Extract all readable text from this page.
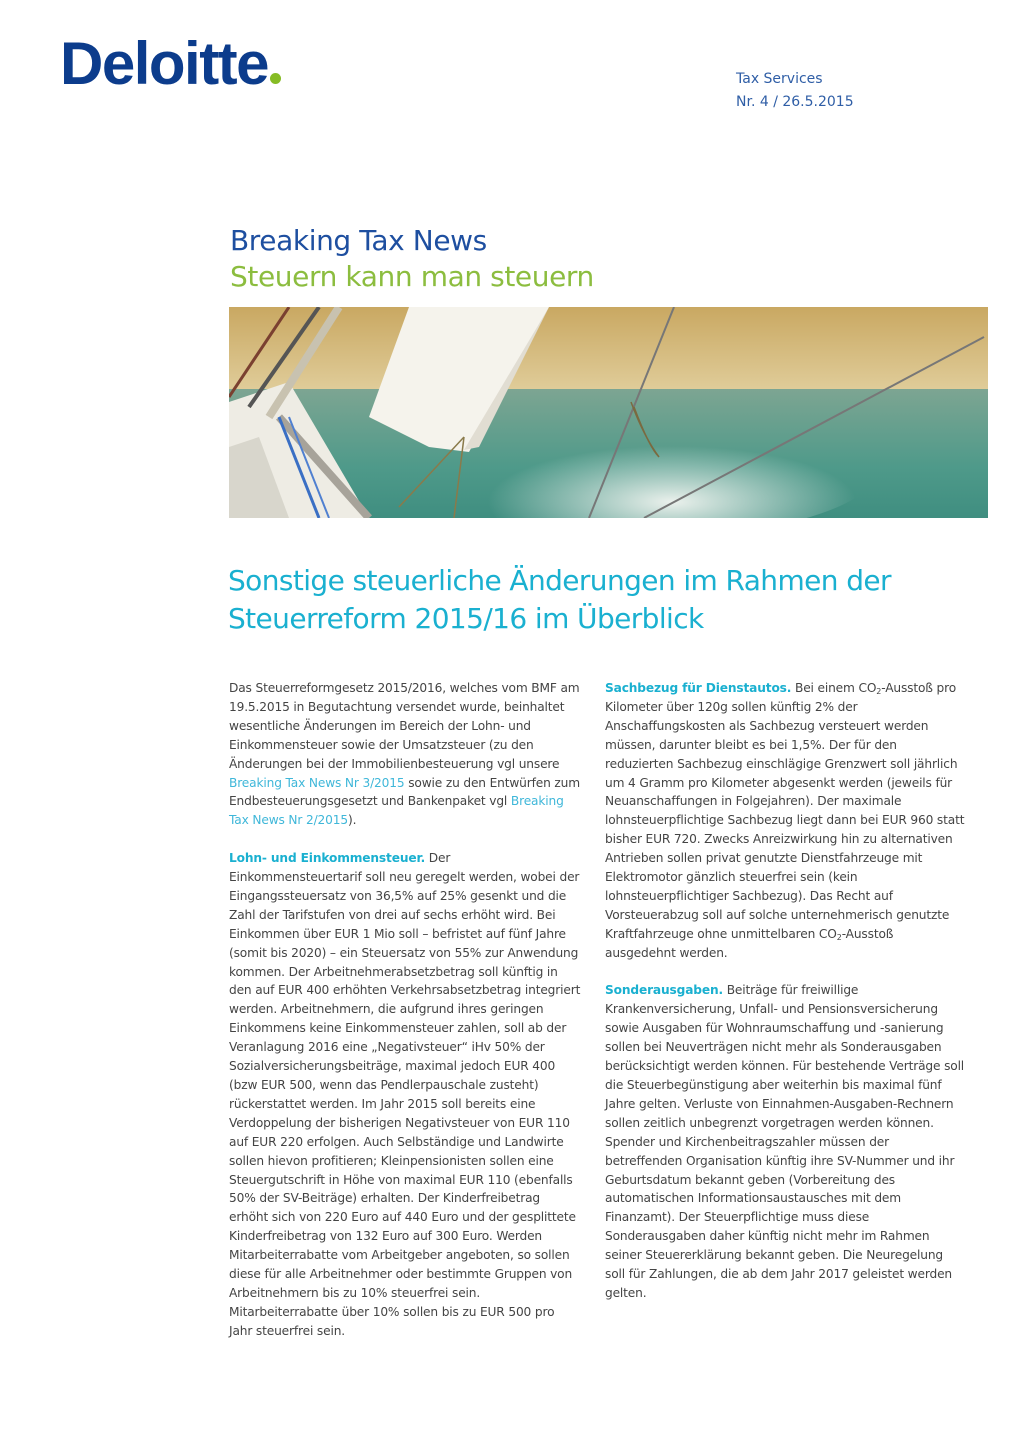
Deloitte	Tax Services
Nr. 4 / 26.5.2015
Breaking Tax News
Steuern kann man steuern
Sonstige steuerliche Änderungen im Rahmen der
Steuerreform 2015/16 im Überblick

Das Steuerreformgesetz 2015/2016, welches vom BMF am 19.5.2015 in Begutachtung versendet wurde, beinhaltet wesentliche Änderungen im Bereich der Lohn- und Einkommensteuer sowie der Umsatzsteuer (zu den Änderungen bei der Immobilienbesteuerung vgl unsere Breaking Tax News Nr 3/2015 sowie zu den Entwürfen zum Endbesteuerungsgesetzt und Bankenpaket vgl Breaking Tax News Nr 2/2015).

Lohn- und Einkommensteuer. Der Einkommensteuertarif soll neu geregelt werden, wobei der Eingangssteuersatz von 36,5% auf 25% gesenkt und die Zahl der Tarifstufen von drei auf sechs erhöht wird. Bei Einkommen über EUR 1 Mio soll – befristet auf fünf Jahre (somit bis 2020) – ein Steuersatz von 55% zur Anwendung kommen. Der Arbeitnehmerabsetzbetrag soll künftig in den auf EUR 400 erhöhten Verkehrsabsetzbetrag integriert werden. Arbeitnehmern, die aufgrund ihres geringen Einkommens keine Einkommensteuer zahlen, soll ab der Veranlagung 2016 eine „Negativsteuer“ iHv 50% der Sozialversicherungsbeiträge, maximal jedoch EUR 400 (bzw EUR 500, wenn das Pendlerpauschale zusteht) rückerstattet werden. Im Jahr 2015 soll bereits eine Verdoppelung der bisherigen Negativsteuer von EUR 110 auf EUR 220 erfolgen. Auch Selbständige und Landwirte sollen hievon profitieren; Kleinpensionisten sollen eine Steuergutschrift in Höhe von maximal EUR 110 (ebenfalls 50% der SV-Beiträge) erhalten. Der Kinderfreibetrag erhöht sich von 220 Euro auf 440 Euro und der gesplittete Kinderfreibetrag von 132 Euro auf 300 Euro. Werden Mitarbeiterrabatte vom Arbeitgeber angeboten, so sollen diese für alle Arbeitnehmer oder bestimmte Gruppen von Arbeitnehmern bis zu 10% steuerfrei sein. Mitarbeiterrabatte über 10% sollen bis zu EUR 500 pro Jahr steuerfrei sein.

Sachbezug für Dienstautos. Bei einem $CO_2$-Ausstoß pro Kilometer über 120g sollen künftig 2% der Anschaffungskosten als Sachbezug versteuert werden müssen, darunter bleibt es bei 1,5%. Der für den reduzierten Sachbezug einschlägige Grenzwert soll jährlich um 4 Gramm pro Kilometer abgesenkt werden (jeweils für Neuanschaffungen in Folgejahren). Der maximale lohnsteuerpflichtige Sachbezug liegt dann bei EUR 960 statt bisher EUR 720. Zwecks Anreizwirkung hin zu alternativen Antrieben sollen privat genutzte Dienstfahrzeuge mit Elektromotor gänzlich steuerfrei sein (kein lohnsteuerpflichtiger Sachbezug). Das Recht auf Vorsteuerabzug soll auf solche unternehmerisch genutzte Kraftfahrzeuge ohne unmittelbaren $CO_2$-Ausstoß ausgedehnt werden.

Sonderausgaben. Beiträge für freiwillige Krankenversicherung, Unfall- und Pensionsversicherung sowie Ausgaben für Wohnraumschaffung und -sanierung sollen bei Neuverträgen nicht mehr als Sonderausgaben berücksichtigt werden können. Für bestehende Verträge soll die Steuerbegünstigung aber weiterhin bis maximal fünf Jahre gelten. Verluste von Einnahmen-Ausgaben-Rechnern sollen zeitlich unbegrenzt vorgetragen werden können. Spender und Kirchenbeitragszahler müssen der betreffenden Organisation künftig ihre SV-Nummer und ihr Geburtsdatum bekannt geben (Vorbereitung des automatischen Informationsaustausches mit dem Finanzamt). Der Steuerpflichtige muss diese Sonderausgaben daher künftig nicht mehr im Rahmen seiner Steuererklärung bekannt geben. Die Neuregelung soll für Zahlungen, die ab dem Jahr 2017 geleistet werden gelten.
